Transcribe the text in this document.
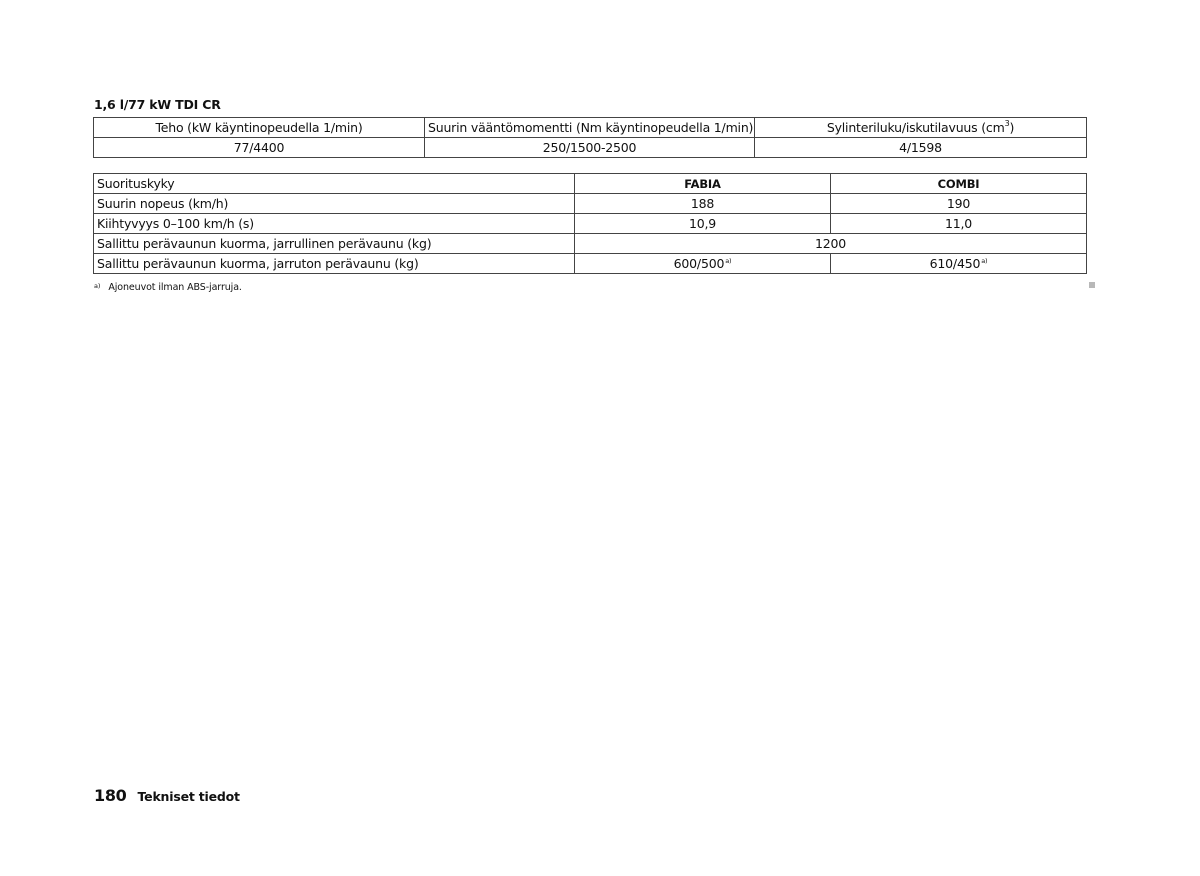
1,6 l/77 kW TDI CR
Teho (kW käyntinopeudella 1/min)	Suurin vääntömomentti (Nm käyntinopeudella 1/min)	Sylinteriluku/iskutilavuus $(cm^3)$
77/4400	250/1500-2500	4/1598
Suorituskyky	FABIA	COMBI
Suurin nopeus (km/h)	188	190
Kiihtyvyys 0–100 km/h (s)	10,9	11,0
Sallittu perävaunun kuorma, jarrullinen perävaunu (kg)	1200	
Sallittu perävaunun kuorma, jarruton perävaunu (kg)	600/500$^{a)}$	610/450$^{a)}$
$^{a)}$ Ajoneuvot ilman ABS-jarruja.
180 Tekniset tiedot
